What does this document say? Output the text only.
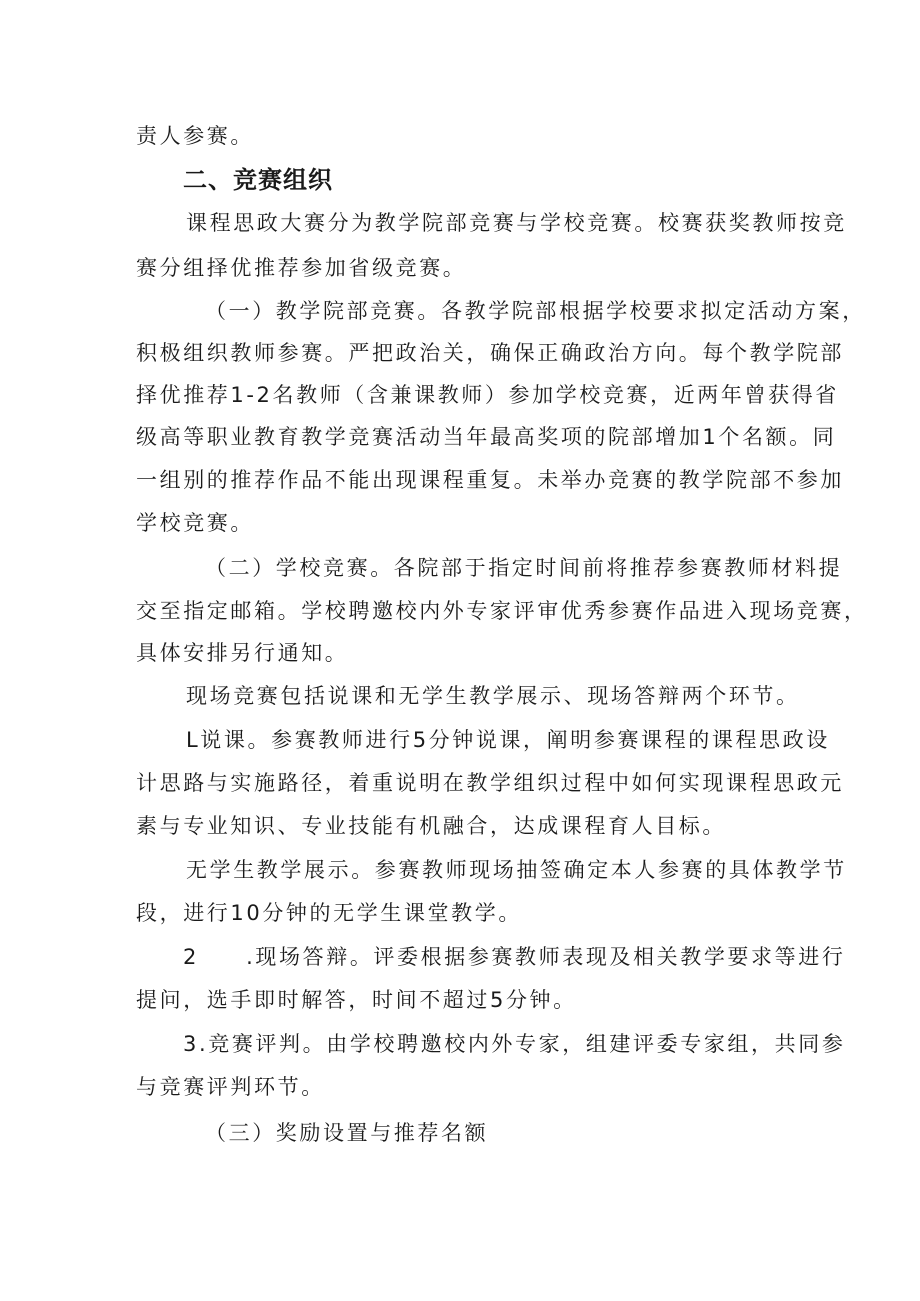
责人参赛。
二、竞赛组织
课程思政大赛分为教学院部竞赛与学校竞赛。校赛获奖教师按竞
赛分组择优推荐参加省级竞赛。
（一）教学院部竞赛。各教学院部根据学校要求拟定活动方案，
积极组织教师参赛。严把政治关，确保正确政治方向。每个教学院部
择优推荐1-2名教师（含兼课教师）参加学校竞赛，近两年曾获得省
级高等职业教育教学竞赛活动当年最高奖项的院部增加1个名额。同
一组别的推荐作品不能出现课程重复。未举办竞赛的教学院部不参加
学校竞赛。
（二）学校竞赛。各院部于指定时间前将推荐参赛教师材料提
交至指定邮箱。学校聘邀校内外专家评审优秀参赛作品进入现场竞赛，
具体安排另行通知。
现场竞赛包括说课和无学生教学展示、现场答辩两个环节。
L说课。参赛教师进行5分钟说课，阐明参赛课程的课程思政设
计思路与实施路径，着重说明在教学组织过程中如何实现课程思政元
素与专业知识、专业技能有机融合，达成课程育人目标。
无学生教学展示。参赛教师现场抽签确定本人参赛的具体教学节
段，进行10分钟的无学生课堂教学。
2　　.现场答辩。评委根据参赛教师表现及相关教学要求等进行
提问，选手即时解答，时间不超过5分钟。
3.竞赛评判。由学校聘邀校内外专家，组建评委专家组，共同参
与竞赛评判环节。
（三）奖励设置与推荐名额
